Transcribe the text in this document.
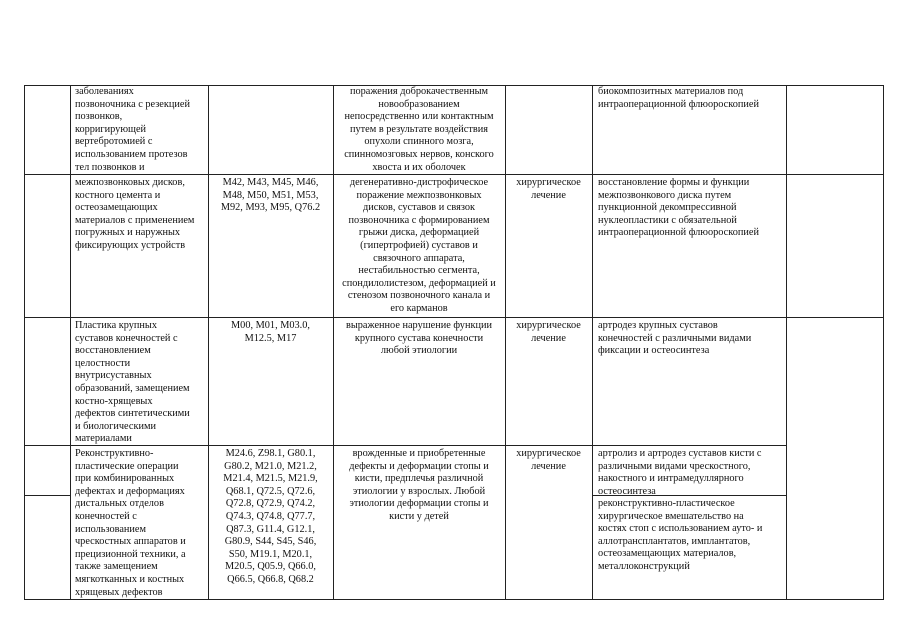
заболеваниях
позвоночника с резекцией
позвонков,
корригирующей
вертебротомией с
использованием протезов
тел позвонков и
поражения доброкачественным
новообразованием
непосредственно или контактным
путем в результате воздействия
опухоли спинного мозга,
спинномозговых нервов, конского
хвоста и их оболочек
биокомпозитных материалов под
интраоперационной флюороскопией
межпозвонковых дисков,
костного цемента и
остеозамещающих
материалов с применением
погружных и наружных
фиксирующих устройств
M42, M43, M45, M46,
M48, M50, M51, M53,
M92, M93, M95, Q76.2
дегенеративно-дистрофическое
поражение межпозвонковых
дисков, суставов и связок
позвоночника с формированием
грыжи диска, деформацией
(гипертрофией) суставов и
связочного аппарата,
нестабильностью сегмента,
спондилолистезом, деформацией и
стенозом позвоночного канала и
его карманов
хирургическое
лечение
восстановление формы и функции
межпозвонкового диска путем
пункционной декомпрессивной
нуклеопластики с обязательной
интраоперационной флюороскопией
Пластика крупных
суставов конечностей с
восстановлением
целостности
внутрисуставных
образований, замещением
костно-хрящевых
дефектов синтетическими
и биологическими
материалами
M00, M01, M03.0,
M12.5, M17
выраженное нарушение функции
крупного сустава конечности
любой этиологии
хирургическое
лечение
артродез крупных суставов
конечностей с различными видами
фиксации и остеосинтеза
Реконструктивно-
пластические операции
при комбинированных
дефектах и деформациях
дистальных отделов
конечностей с
использованием
чрескостных аппаратов и
прецизионной техники, а
также замещением
мягкотканных и костных
хрящевых дефектов
M24.6, Z98.1, G80.1,
G80.2, M21.0, M21.2,
M21.4, M21.5, M21.9,
Q68.1, Q72.5, Q72.6,
Q72.8, Q72.9, Q74.2,
Q74.3, Q74.8, Q77.7,
Q87.3, G11.4, G12.1,
G80.9, S44, S45, S46,
S50, M19.1, M20.1,
M20.5, Q05.9, Q66.0,
Q66.5, Q66.8, Q68.2
врожденные и приобретенные
дефекты и деформации стопы и
кисти, предплечья различной
этиологии у взрослых. Любой
этиологии деформации стопы и
кисти у детей
хирургическое
лечение
артролиз и артродез суставов кисти с
различными видами чрескостного,
накостного и интрамедуллярного
остеосинтеза
реконструктивно-пластическое
хирургическое вмешательство на
костях стоп с использованием ауто- и
аллотрансплантатов, имплантатов,
остеозамещающих материалов,
металлоконструкций
